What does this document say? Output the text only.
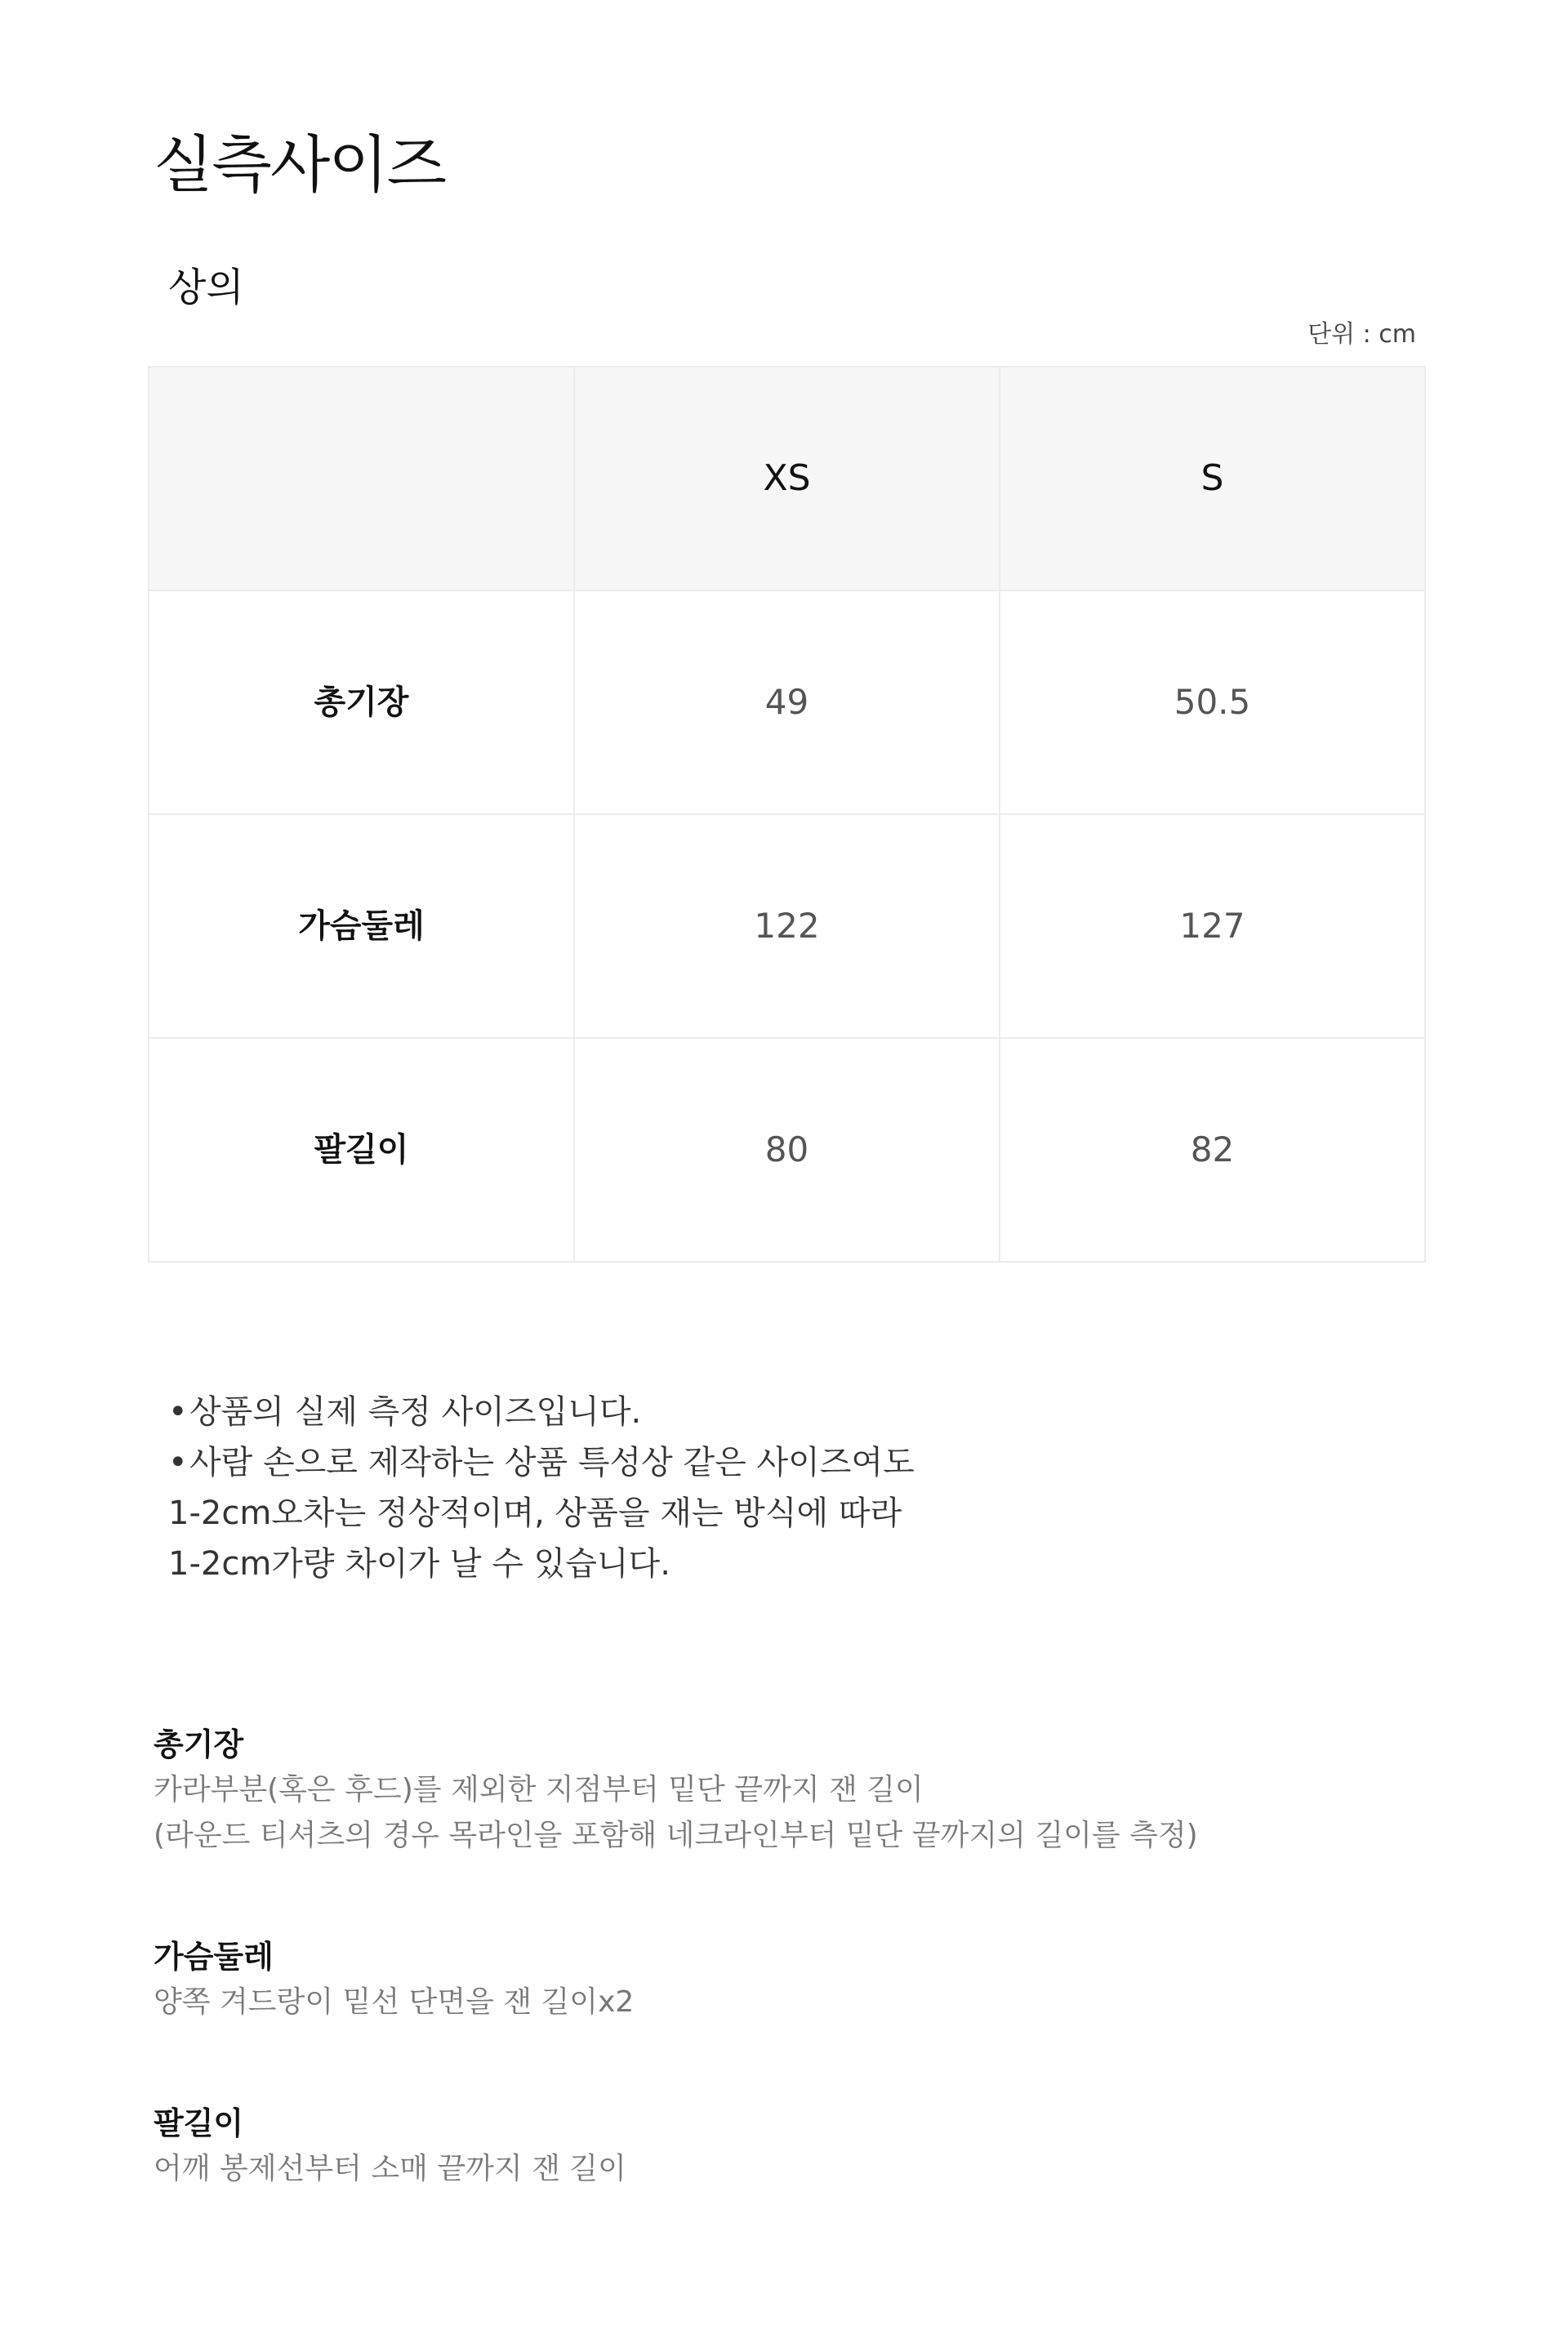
실측사이즈
상의
단위 : cm
	XS	S
총기장	49	50.5
가슴둘레	122	127
팔길이	80	82
•상품의 실제 측정 사이즈입니다.
•사람 손으로 제작하는 상품 특성상 같은 사이즈여도
1-2cm오차는 정상적이며, 상품을 재는 방식에 따라
1-2cm가량 차이가 날 수 있습니다.
총기장
카라부분(혹은 후드)를 제외한 지점부터 밑단 끝까지 잰 길이
(라운드 티셔츠의 경우 목라인을 포함해 네크라인부터 밑단 끝까지의 길이를 측정)
가슴둘레
양쪽 겨드랑이 밑선 단면을 잰 길이x2
팔길이
어깨 봉제선부터 소매 끝까지 잰 길이
